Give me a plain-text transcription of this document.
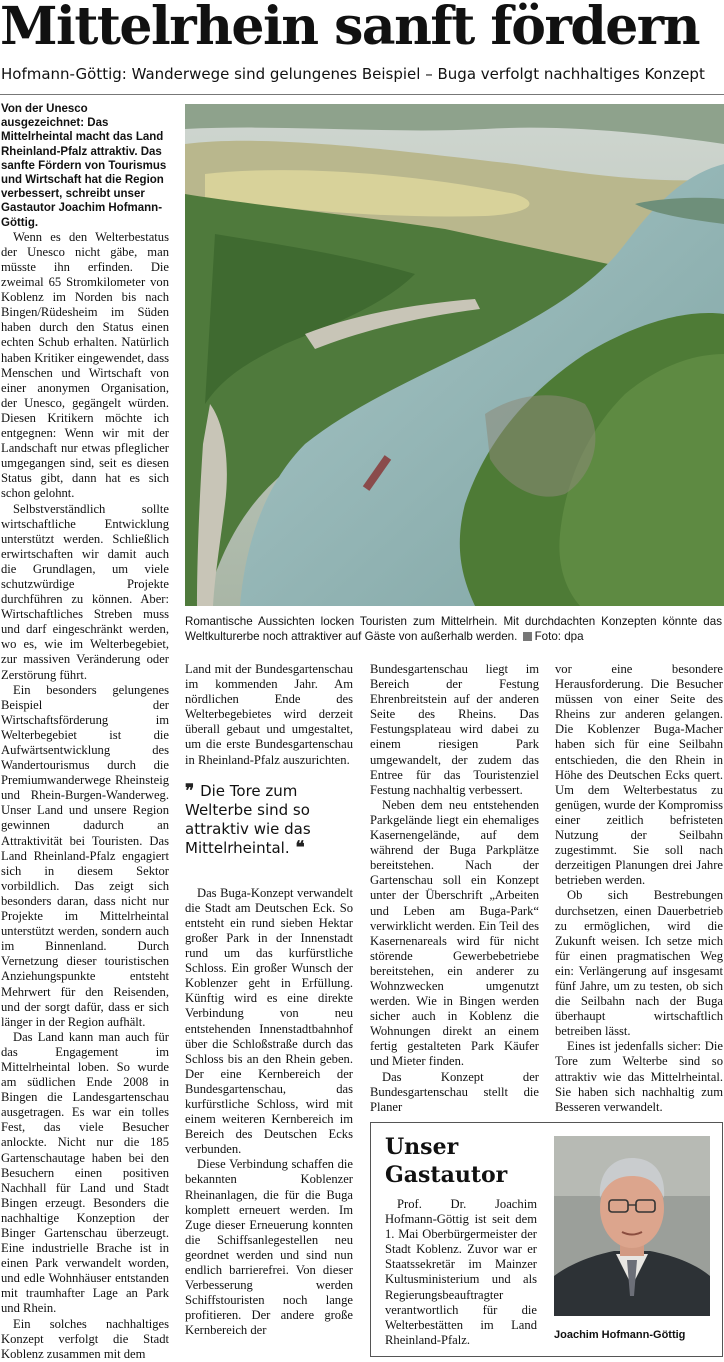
Mittelrhein sanft fördern
Hofmann-Göttig: Wanderwege sind gelungenes Beispiel – Buga verfolgt nachhaltiges Konzept

Von der Unesco ausgezeichnet: Das Mittelrheintal macht das Land Rheinland-Pfalz attraktiv. Das sanfte Fördern von Tourismus und Wirtschaft hat die Region verbessert, schreibt unser Gastautor Joachim Hofmann-Göttig.

Wenn es den Welterbestatus der Unesco nicht gäbe, man müsste ihn erfinden. Die zweimal 65 Stromkilometer von Koblenz im Norden bis nach Bingen/Rüdesheim im Süden haben durch den Status einen echten Schub erhalten. Natürlich haben Kritiker eingewendet, dass Menschen und Wirtschaft von einer anonymen Organisation, der Unesco, gegängelt würden. Diesen Kritikern möchte ich entgegnen: Wenn wir mit der Landschaft nur etwas pfleglicher umgegangen sind, seit es diesen Status gibt, dann hat es sich schon gelohnt.

Selbstverständlich sollte wirtschaftliche Entwicklung unterstützt werden. Schließlich erwirtschaften wir damit auch die Grundlagen, um viele schutzwürdige Projekte durchführen zu können. Aber: Wirtschaftliches Streben muss und darf eingeschränkt werden, wo es, wie im Welterbegebiet, zur massiven Veränderung oder Zerstörung führt.

Ein besonders gelungenes Beispiel der Wirtschaftsförderung im Welterbegebiet ist die Aufwärtsentwicklung des Wandertourismus durch die Premiumwanderwege Rheinsteig und Rhein-Burgen-Wanderweg. Unser Land und unsere Region gewinnen dadurch an Attraktivität bei Touristen. Das Land Rheinland-Pfalz engagiert sich in diesem Sektor vorbildlich. Das zeigt sich besonders daran, dass nicht nur Projekte im Mittelrheintal unterstützt werden, sondern auch im Binnenland. Durch Vernetzung dieser touristischen Anziehungspunkte entsteht Mehrwert für den Reisenden, und der sorgt dafür, dass er sich länger in der Region aufhält.

Das Land kann man auch für das Engagement im Mittelrheintal loben. So wurde am südlichen Ende 2008 in Bingen die Landesgartenschau ausgetragen. Es war ein tolles Fest, das viele Besucher anlockte. Nicht nur die 185 Gartenschautage haben bei den Besuchern einen positiven Nachhall für Land und Stadt Bingen erzeugt. Besonders die nachhaltige Konzeption der Binger Gartenschau überzeugt. Eine industrielle Brache ist in einen Park verwandelt worden, und edle Wohnhäuser entstanden mit traumhafter Lage an Park und Rhein.

Ein solches nachhaltiges Konzept verfolgt die Stadt Koblenz zusammen mit dem

Romantische Aussichten locken Touristen zum Mittelrhein. Mit durchdachten Konzepten könnte das Weltkulturerbe noch attraktiver auf Gäste von außerhalb werden. Foto: dpa

Land mit der Bundesgartenschau im kommenden Jahr. Am nördlichen Ende des Welterbegebietes wird derzeit überall gebaut und umgestaltet, um die erste Bundesgartenschau in Rheinland-Pfalz auszurichten.

❞ Die Tore zum Welterbe sind so attraktiv wie das Mittelrheintal. ❝

Das Buga-Konzept verwandelt die Stadt am Deutschen Eck. So entsteht ein rund sieben Hektar großer Park in der Innenstadt rund um das kurfürstliche Schloss. Ein großer Wunsch der Koblenzer geht in Erfüllung. Künftig wird es eine direkte Verbindung von neu entstehenden Innenstadtbahnhof über die Schloßstraße durch das Schloss bis an den Rhein geben. Der eine Kernbereich der Bundesgartenschau, das kurfürstliche Schloss, wird mit einem weiteren Kernbereich im Bereich des Deutschen Ecks verbunden.

Diese Verbindung schaffen die bekannten Koblenzer Rheinanlagen, die für die Buga komplett erneuert werden. Im Zuge dieser Erneuerung konnten die Schiffsanlegestellen neu geordnet werden und sind nun endlich barrierefrei. Von dieser Verbesserung werden Schiffstouristen noch lange profitieren. Der andere große Kernbereich der

Bundesgartenschau liegt im Bereich der Festung Ehrenbreitstein auf der anderen Seite des Rheins. Das Festungsplateau wird dabei zu einem riesigen Park umgewandelt, der zudem das Entree für das Touristenziel Festung nachhaltig verbessert.

Neben dem neu entstehenden Parkgelände liegt ein ehemaliges Kasernengelände, auf dem während der Buga Parkplätze bereitstehen. Nach der Gartenschau soll ein Konzept unter der Überschrift „Arbeiten und Leben am Buga-Park“ verwirklicht werden. Ein Teil des Kasernenareals wird für nicht störende Gewerbebetriebe bereitstehen, ein anderer zu Wohnzwecken umgenutzt werden. Wie in Bingen werden sicher auch in Koblenz die Wohnungen direkt an einem fertig gestalteten Park Käufer und Mieter finden.

Das Konzept der Bundesgartenschau stellt die Planer

vor eine besondere Herausforderung. Die Besucher müssen von einer Seite des Rheins zur anderen gelangen. Die Koblenzer Buga-Macher haben sich für eine Seilbahn entschieden, die den Rhein in Höhe des Deutschen Ecks quert. Um dem Welterbestatus zu genügen, wurde der Kompromiss einer zeitlich befristeten Nutzung der Seilbahn zugestimmt. Sie soll nach derzeitigen Planungen drei Jahre betrieben werden.

Ob sich Bestrebungen durchsetzen, einen Dauerbetrieb zu ermöglichen, wird die Zukunft weisen. Ich setze mich für einen pragmatischen Weg ein: Verlängerung auf insgesamt fünf Jahre, um zu testen, ob sich die Seilbahn nach der Buga überhaupt wirtschaftlich betreiben lässt.

Eines ist jedenfalls sicher: Die Tore zum Welterbe sind so attraktiv wie das Mittelrheintal. Sie haben sich nachhaltig zum Besseren verwandelt.

Unser
Gastautor
Prof. Dr. Joachim Hofmann-Göttig ist seit dem 1. Mai Oberbürgermeister der Stadt Koblenz. Zuvor war er Staatssekretär im Mainzer Kultusministerium und als Regierungsbeauftragter verantwortlich für die Welterbestätten im Land Rheinland-Pfalz.	Joachim Hofmann-Göttig
